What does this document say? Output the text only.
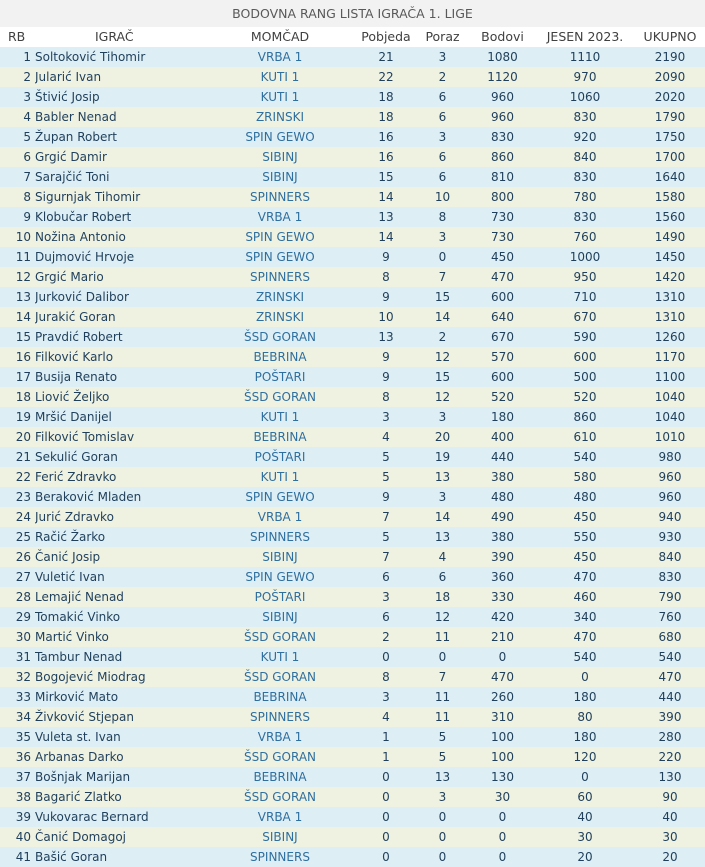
BODOVNA RANG LISTA IGRAČA 1. LIGE
RB	IGRAČ	MOMČAD	Pobjeda	Poraz	Bodovi	JESEN 2023.	UKUPNO
1 Soltoković Tihomir	VRBA 1	21	3	1080	1110	2190
2 Jularić Ivan	KUTI 1	22	2	1120	970	2090
3 Štivić Josip	KUTI 1	18	6	960	1060	2020
4 Babler Nenad	ZRINSKI	18	6	960	830	1790
5 Župan Robert	SPIN GEWO	16	3	830	920	1750
6 Grgić Damir	SIBINJ	16	6	860	840	1700
7 Sarajčić Toni	SIBINJ	15	6	810	830	1640
8 Sigurnjak Tihomir	SPINNERS	14	10	800	780	1580
9 Klobučar Robert	VRBA 1	13	8	730	830	1560
10 Nožina Antonio	SPIN GEWO	14	3	730	760	1490
11 Dujmović Hrvoje	SPIN GEWO	9	0	450	1000	1450
12 Grgić Mario	SPINNERS	8	7	470	950	1420
13 Jurković Dalibor	ZRINSKI	9	15	600	710	1310
14 Jurakić Goran	ZRINSKI	10	14	640	670	1310
15 Pravdić Robert	ŠSD GORAN	13	2	670	590	1260
16 Filković Karlo	BEBRINA	9	12	570	600	1170
17 Busija Renato	POŠTARI	9	15	600	500	1100
18 Liović Željko	ŠSD GORAN	8	12	520	520	1040
19 Mršić Danijel	KUTI 1	3	3	180	860	1040
20 Filković Tomislav	BEBRINA	4	20	400	610	1010
21 Sekulić Goran	POŠTARI	5	19	440	540	980
22 Ferić Zdravko	KUTI 1	5	13	380	580	960
23 Beraković Mladen	SPIN GEWO	9	3	480	480	960
24 Jurić Zdravko	VRBA 1	7	14	490	450	940
25 Račić Žarko	SPINNERS	5	13	380	550	930
26 Čanić Josip	SIBINJ	7	4	390	450	840
27 Vuletić Ivan	SPIN GEWO	6	6	360	470	830
28 Lemajić Nenad	POŠTARI	3	18	330	460	790
29 Tomakić Vinko	SIBINJ	6	12	420	340	760
30 Martić Vinko	ŠSD GORAN	2	11	210	470	680
31 Tambur Nenad	KUTI 1	0	0	0	540	540
32 Bogojević Miodrag	ŠSD GORAN	8	7	470	0	470
33 Mirković Mato	BEBRINA	3	11	260	180	440
34 Živković Stjepan	SPINNERS	4	11	310	80	390
35 Vuleta st. Ivan	VRBA 1	1	5	100	180	280
36 Arbanas Darko	ŠSD GORAN	1	5	100	120	220
37 Bošnjak Marijan	BEBRINA	0	13	130	0	130
38 Bagarić Zlatko	ŠSD GORAN	0	3	30	60	90
39 Vukovarac Bernard	VRBA 1	0	0	0	40	40
40 Čanić Domagoj	SIBINJ	0	0	0	30	30
41 Bašić Goran	SPINNERS	0	0	0	20	20
